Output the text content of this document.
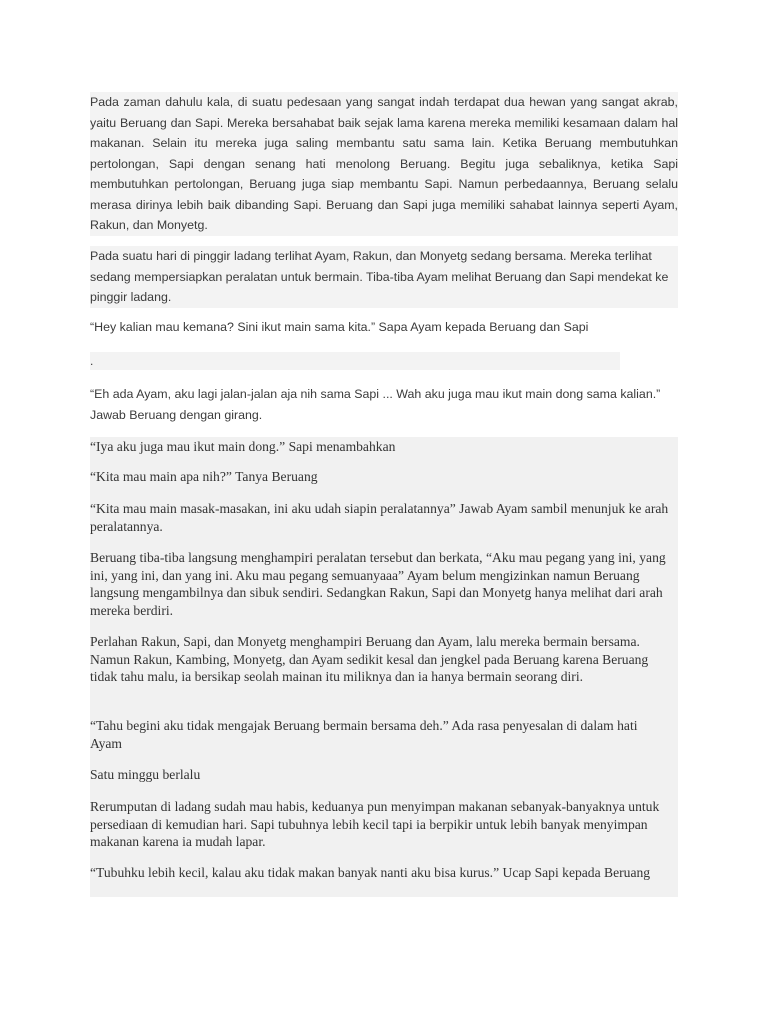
Pada zaman dahulu kala, di suatu pedesaan yang sangat indah terdapat dua hewan yang sangat akrab, yaitu Beruang dan Sapi. Mereka bersahabat baik sejak lama karena mereka memiliki kesamaan dalam hal makanan. Selain itu mereka juga saling membantu satu sama lain. Ketika Beruang membutuhkan pertolongan, Sapi dengan senang hati menolong Beruang. Begitu juga sebaliknya, ketika Sapi membutuhkan pertolongan, Beruang juga siap membantu Sapi. Namun perbedaannya, Beruang selalu merasa dirinya lebih baik dibanding Sapi. Beruang dan Sapi juga memiliki sahabat lainnya seperti Ayam, Rakun, dan Monyetg.

Pada suatu hari di pinggir ladang terlihat Ayam, Rakun, dan Monyetg sedang bersama. Mereka terlihat sedang mempersiapkan peralatan untuk bermain. Tiba-tiba Ayam melihat Beruang dan Sapi mendekat ke pinggir ladang.

“Hey kalian mau kemana? Sini ikut main sama kita.” Sapa Ayam kepada Beruang dan Sapi

.

“Eh ada Ayam, aku lagi jalan-jalan aja nih sama Sapi ... Wah aku juga mau ikut main dong sama kalian.” Jawab Beruang dengan girang.

“Iya aku juga mau ikut main dong.” Sapi menambahkan

“Kita mau main apa nih?” Tanya Beruang

“Kita mau main masak-masakan, ini aku udah siapin peralatannya” Jawab Ayam sambil menunjuk ke arah peralatannya.

Beruang tiba-tiba langsung menghampiri peralatan tersebut dan berkata, “Aku mau pegang yang ini, yang ini, yang ini, dan yang ini. Aku mau pegang semuanyaaa” Ayam belum mengizinkan namun Beruang langsung mengambilnya dan sibuk sendiri. Sedangkan Rakun, Sapi dan Monyetg hanya melihat dari arah mereka berdiri.

Perlahan Rakun, Sapi, dan Monyetg menghampiri Beruang dan Ayam, lalu mereka bermain bersama. Namun Rakun, Kambing, Monyetg, dan Ayam sedikit kesal dan jengkel pada Beruang karena Beruang tidak tahu malu, ia bersikap seolah mainan itu miliknya dan ia hanya bermain seorang diri.

“Tahu begini aku tidak mengajak Beruang bermain bersama deh.” Ada rasa penyesalan di dalam hati Ayam

Satu minggu berlalu

Rerumputan di ladang sudah mau habis, keduanya pun menyimpan makanan sebanyak-banyaknya untuk persediaan di kemudian hari. Sapi tubuhnya lebih kecil tapi ia berpikir untuk lebih banyak menyimpan makanan karena ia mudah lapar.

“Tubuhku lebih kecil, kalau aku tidak makan banyak nanti aku bisa kurus.” Ucap Sapi kepada Beruang
